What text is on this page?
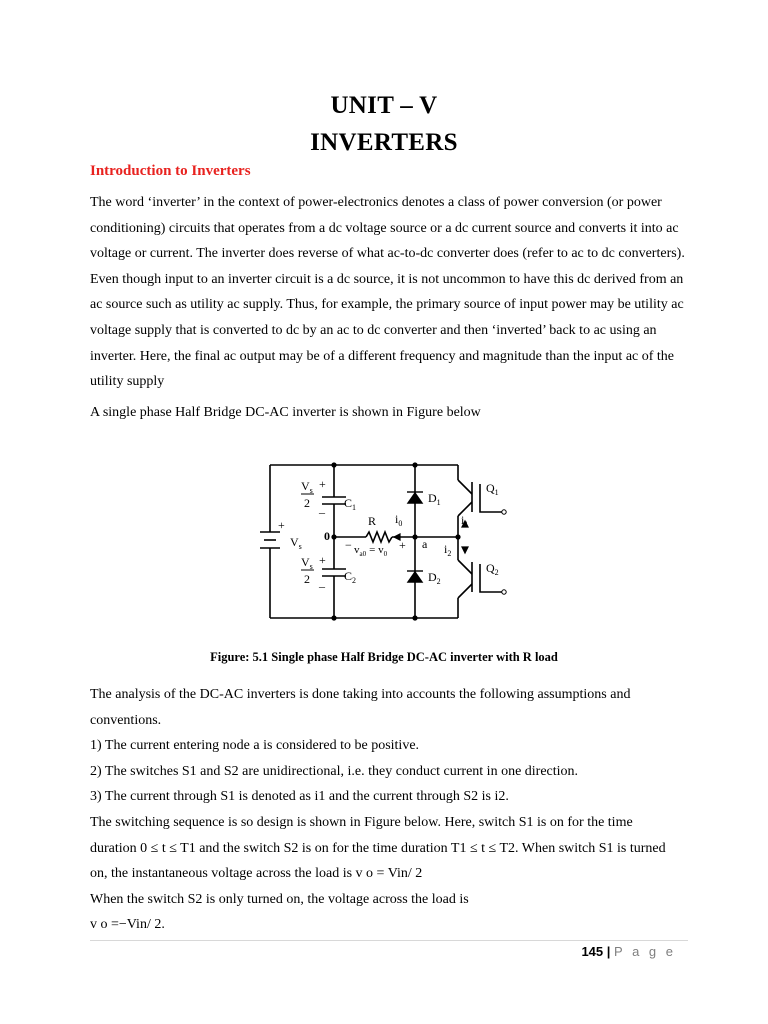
UNIT – V
INVERTERS
Introduction to Inverters
The word ‘inverter’ in the context of power-electronics denotes a class of power conversion (or power
conditioning) circuits that operates from a dc voltage source or a dc current source and converts it into ac
voltage or current. The inverter does reverse of what ac-to-dc converter does (refer to ac to dc converters).
Even though input to an inverter circuit is a dc source, it is not uncommon to have this dc derived from an
ac source such as utility ac supply. Thus, for example, the primary source of input power may be utility ac
voltage supply that is converted to dc by an ac to dc converter and then ‘inverted’ back to ac using an
inverter. Here, the final ac output may be of a different frequency and magnitude than the input ac of the
utility supply
A single phase Half Bridge DC-AC inverter is shown in Figure below
$V_s$
2
+
_ $C_1$
0
+
$V_s$
$V_s$
2
+
_ $C_2$
R $i_0$
−	+
$v_{a0} = v_0$
a
$D_1$
$D_2$
$i_1$
$i_2$
$Q_1$
$Q_2$
Figure: 5.1 Single phase Half Bridge DC-AC inverter with R load
The analysis of the DC-AC inverters is done taking into accounts the following assumptions and
conventions.
1) The current entering node a is considered to be positive.
2) The switches S1 and S2 are unidirectional, i.e. they conduct current in one direction.
3) The current through S1 is denoted as i1 and the current through S2 is i2.
The switching sequence is so design is shown in Figure below. Here, switch S1 is on for the time
duration 0 ≤ t ≤ T1 and the switch S2 is on for the time duration T1 ≤ t ≤ T2. When switch S1 is turned
on, the instantaneous voltage across the load is v o = Vin/ 2
When the switch S2 is only turned on, the voltage across the load is
v o =−Vin/ 2.
145 | P a g e
